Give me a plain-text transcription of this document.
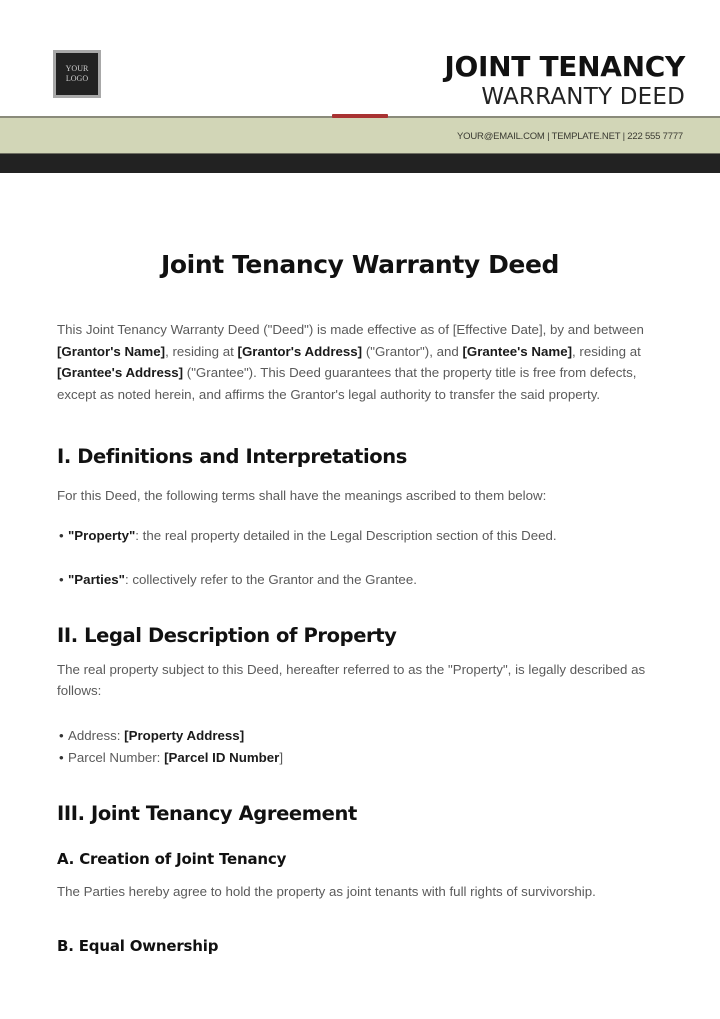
YOUR
LOGO	JOINT TENANCY
WARRANTY DEED
YOUR@EMAIL.COM | TEMPLATE.NET | 222 555 7777
Joint Tenancy Warranty Deed

This Joint Tenancy Warranty Deed ("Deed") is made effective as of [Effective Date], by and between [Grantor's Name], residing at [Grantor's Address] ("Grantor"), and [Grantee's Name], residing at [Grantee's Address] ("Grantee"). This Deed guarantees that the property title is free from defects, except as noted herein, and affirms the Grantor's legal authority to transfer the said property.

I. Definitions and Interpretations

For this Deed, the following terms shall have the meanings ascribed to them below:

• "Property": the real property detailed in the Legal Description section of this Deed.
• "Parties": collectively refer to the Grantor and the Grantee.
II. Legal Description of Property

The real property subject to this Deed, hereafter referred to as the "Property", is legally described as follows:

• Address: [Property Address]
• Parcel Number: [Parcel ID Number]
III. Joint Tenancy Agreement
A. Creation of Joint Tenancy

The Parties hereby agree to hold the property as joint tenants with full rights of survivorship.

B. Equal Ownership
